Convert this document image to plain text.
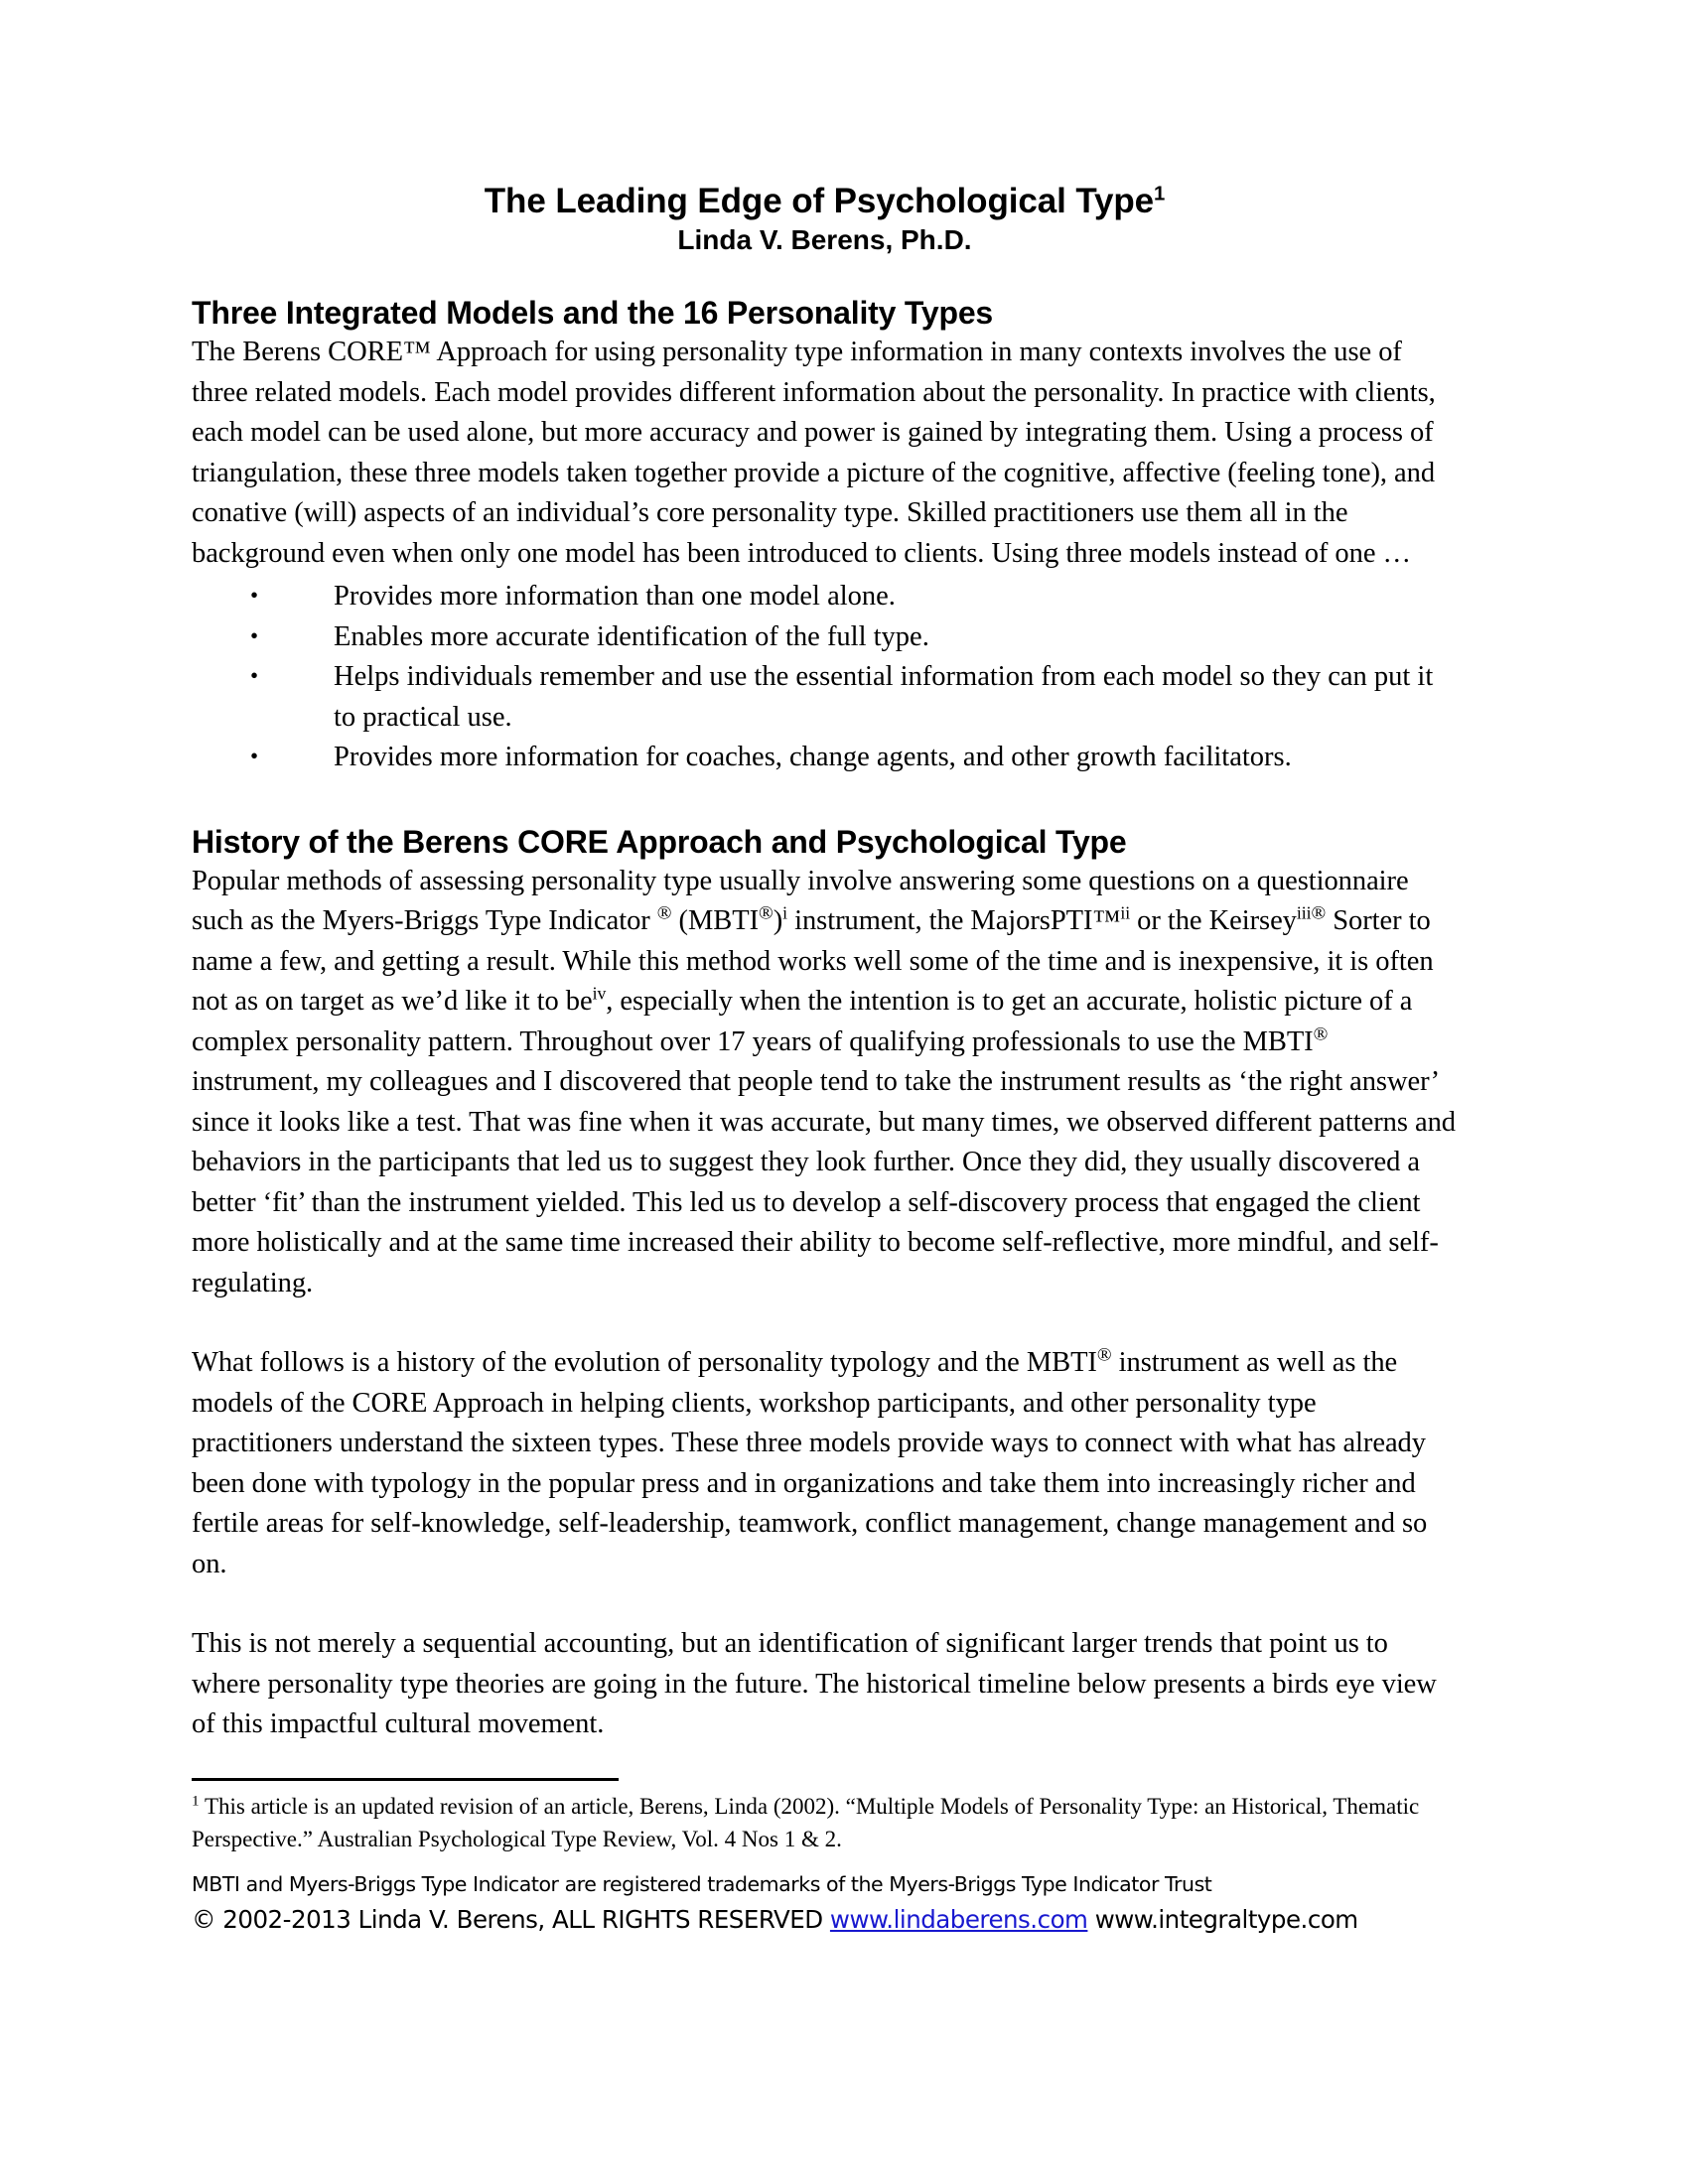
The Leading Edge of Psychological Type$^1$

Linda V. Berens, Ph.D.

Three Integrated Models and the 16 Personality Types

The Berens CORE™ Approach for using personality type information in many contexts involves the use of three related models. Each model provides different information about the personality. In practice with clients, each model can be used alone, but more accuracy and power is gained by integrating them. Using a process of triangulation, these three models taken together provide a picture of the cognitive, affective (feeling tone), and conative (will) aspects of an individual’s core personality type. Skilled practitioners use them all in the background even when only one model has been introduced to clients. Using three models instead of one …

• Provides more information than one model alone.
• Enables more accurate identification of the full type.
• Helps individuals remember and use the essential information from each model so they can put it to practical use.
• Provides more information for coaches, change agents, and other growth facilitators.
History of the Berens CORE Approach and Psychological Type

Popular methods of assessing personality type usually involve answering some questions on a questionnaire such as the Myers-Briggs Type Indicator ® (MBTI®)$^i$ instrument, the MajorsPTI™$^{ii}$ or the Keirsey$^{iii®}$ Sorter to name a few, and getting a result. While this method works well some of the time and is inexpensive, it is often not as on target as we’d like it to be$^{iv}$, especially when the intention is to get an accurate, holistic picture of a complex personality pattern. Throughout over 17 years of qualifying professionals to use the MBTI® instrument, my colleagues and I discovered that people tend to take the instrument results as ‘the right answer’ since it looks like a test. That was fine when it was accurate, but many times, we observed different patterns and behaviors in the participants that led us to suggest they look further. Once they did, they usually discovered a better ‘fit’ than the instrument yielded. This led us to develop a self-discovery process that engaged the client more holistically and at the same time increased their ability to become self-reflective, more mindful, and self-regulating.

What follows is a history of the evolution of personality typology and the MBTI® instrument as well as the models of the CORE Approach in helping clients, workshop participants, and other personality type practitioners understand the sixteen types. These three models provide ways to connect with what has already been done with typology in the popular press and in organizations and take them into increasingly richer and fertile areas for self-knowledge, self-leadership, teamwork, conflict management, change management and so on.

This is not merely a sequential accounting, but an identification of significant larger trends that point us to where personality type theories are going in the future. The historical timeline below presents a birds eye view of this impactful cultural movement.

$^1$ This article is an updated revision of an article, Berens, Linda (2002). “Multiple Models of Personality Type: an Historical, Thematic Perspective.” Australian Psychological Type Review, Vol. 4 Nos 1 & 2.

MBTI and Myers-Briggs Type Indicator are registered trademarks of the Myers-Briggs Type Indicator Trust

© 2002-2013 Linda V. Berens, ALL RIGHTS RESERVED www.lindaberens.com www.integraltype.com
